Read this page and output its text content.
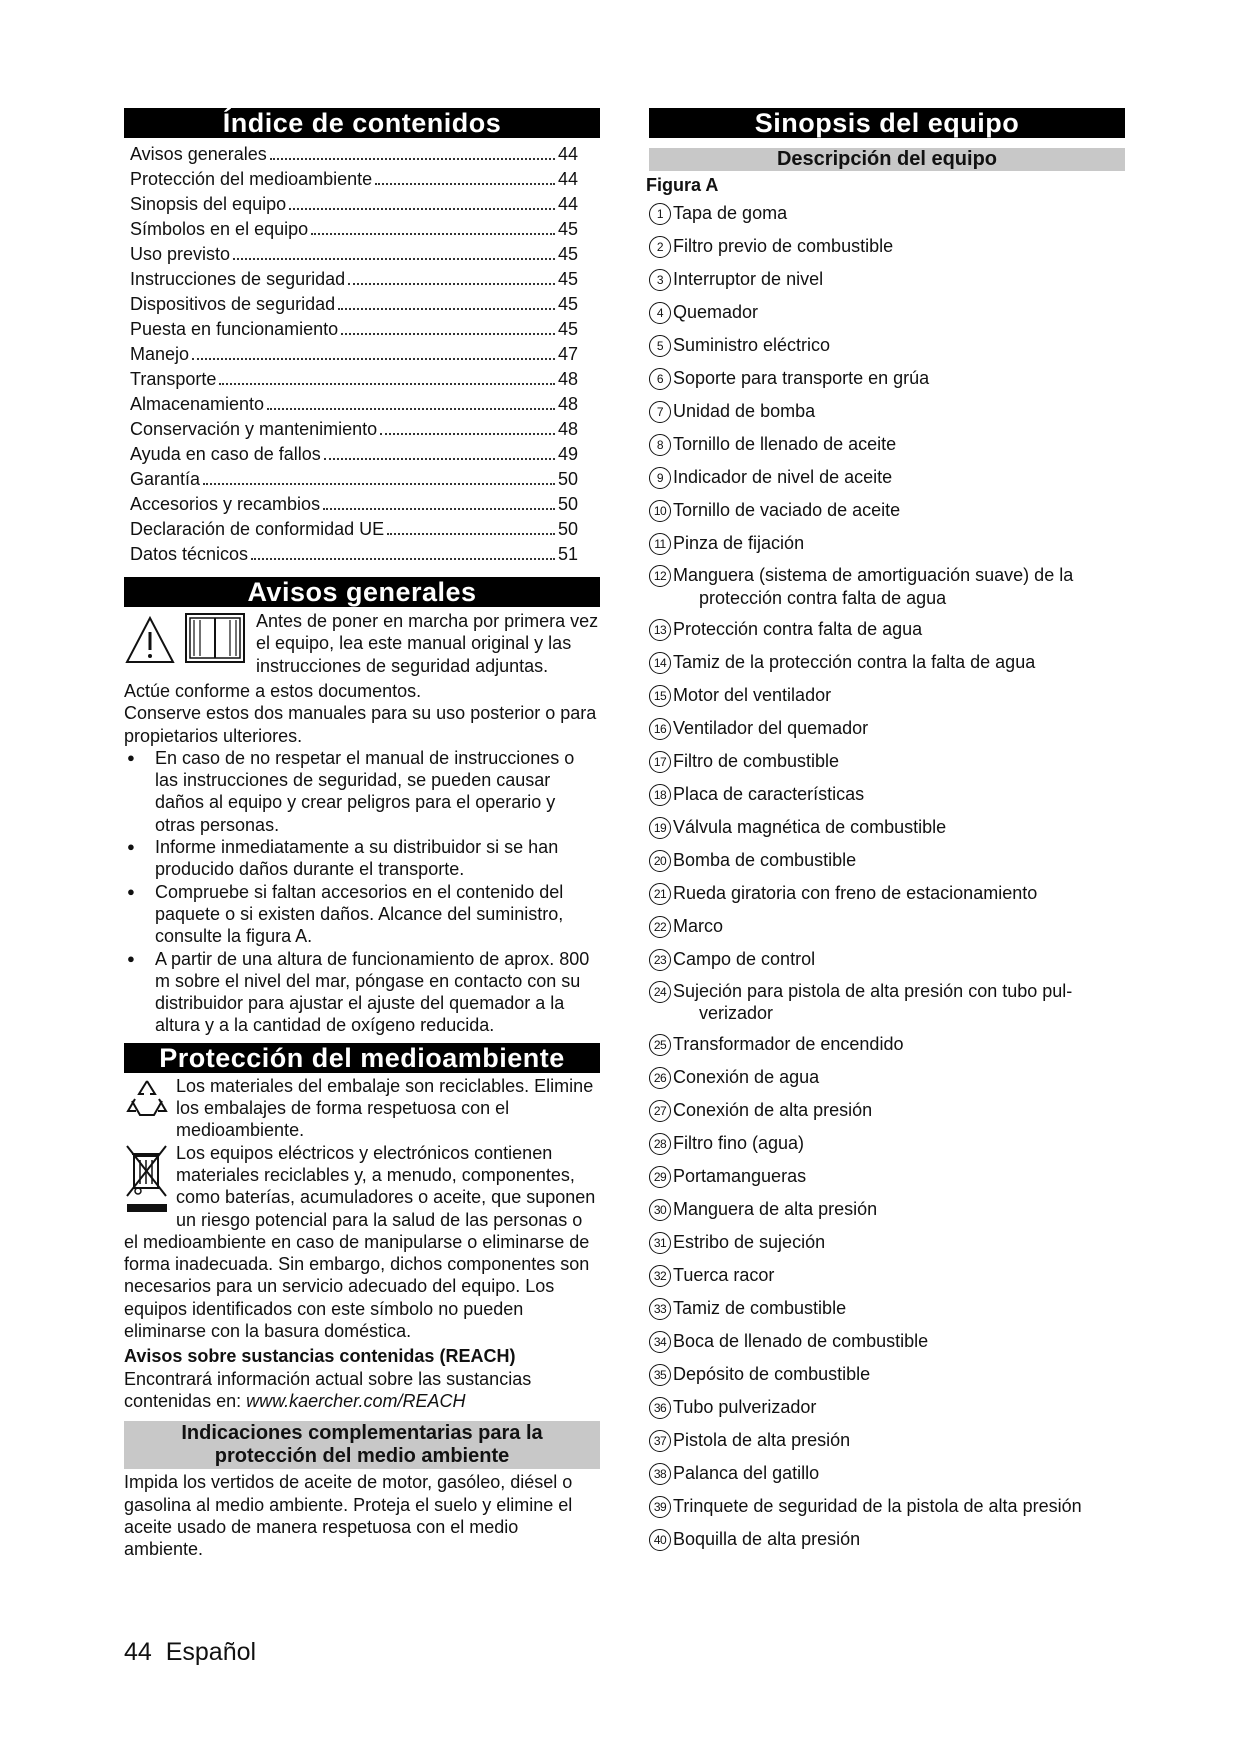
Índice de contenidos
Avisos generales	44
Protección del medioambiente	44
Sinopsis del equipo	44
Símbolos en el equipo	45
Uso previsto	45
Instrucciones de seguridad	45
Dispositivos de seguridad	45
Puesta en funcionamiento	45
Manejo	47
Transporte	48
Almacenamiento	48
Conservación y mantenimiento	48
Ayuda en caso de fallos	49
Garantía	50
Accesorios y recambios	50
Declaración de conformidad UE	50
Datos técnicos	51
Avisos generales
Antes de poner en marcha por primera vez el equipo, lea este manual original y las instrucciones de seguridad adjuntas.
Actúe conforme a estos documentos.
Conserve estos dos manuales para su uso posterior o para propietarios ulteriores.
● En caso de no respetar el manual de instrucciones o las instrucciones de seguridad, se pueden causar daños al equipo y crear peligros para el operario y otras personas.
● Informe inmediatamente a su distribuidor si se han producido daños durante el transporte.
● Compruebe si faltan accesorios en el contenido del paquete o si existen daños. Alcance del suministro, consulte la figura A.
● A partir de una altura de funcionamiento de aprox. 800 m sobre el nivel del mar, póngase en contacto con su distribuidor para ajustar el ajuste del quemador a la altura y a la cantidad de oxígeno reducida.
Protección del medioambiente
Los materiales del embalaje son reciclables. Elimine los embalajes de forma respetuosa con el medioambiente.
Los equipos eléctricos y electrónicos contienen materiales reciclables y, a menudo, componentes, como baterías, acumuladores o aceite, que suponen un riesgo potencial para la salud de las personas o el medioambiente en caso de manipularse o eliminarse de forma inadecuada. Sin embargo, dichos componentes son necesarios para un servicio adecuado del equipo. Los equipos identificados con este símbolo no pueden eliminarse con la basura doméstica.
Avisos sobre sustancias contenidas (REACH)
Encontrará información actual sobre las sustancias contenidas en: www.kaercher.com/REACH
Indicaciones complementarias para la protección del medio ambiente
Impida los vertidos de aceite de motor, gasóleo, diésel o gasolina al medio ambiente. Proteja el suelo y elimine el aceite usado de manera respetuosa con el medio ambiente.
Sinopsis del equipo
Descripción del equipo
Figura A
1 Tapa de goma
2 Filtro previo de combustible
3 Interruptor de nivel
4 Quemador
5 Suministro eléctrico
6 Soporte para transporte en grúa
7 Unidad de bomba
8 Tornillo de llenado de aceite
9 Indicador de nivel de aceite
10 Tornillo de vaciado de aceite
11 Pinza de fijación
12 Manguera (sistema de amortiguación suave) de la
protección contra falta de agua
13 Protección contra falta de agua
14 Tamiz de la protección contra la falta de agua
15 Motor del ventilador
16 Ventilador del quemador
17 Filtro de combustible
18 Placa de características
19 Válvula magnética de combustible
20 Bomba de combustible
21 Rueda giratoria con freno de estacionamiento
22 Marco
23 Campo de control
24 Sujeción para pistola de alta presión con tubo pul-
verizador
25 Transformador de encendido
26 Conexión de agua
27 Conexión de alta presión
28 Filtro fino (agua)
29 Portamangueras
30 Manguera de alta presión
31 Estribo de sujeción
32 Tuerca racor
33 Tamiz de combustible
34 Boca de llenado de combustible
35 Depósito de combustible
36 Tubo pulverizador
37 Pistola de alta presión
38 Palanca del gatillo
39 Trinquete de seguridad de la pistola de alta presión
40 Boquilla de alta presión
44 Español
